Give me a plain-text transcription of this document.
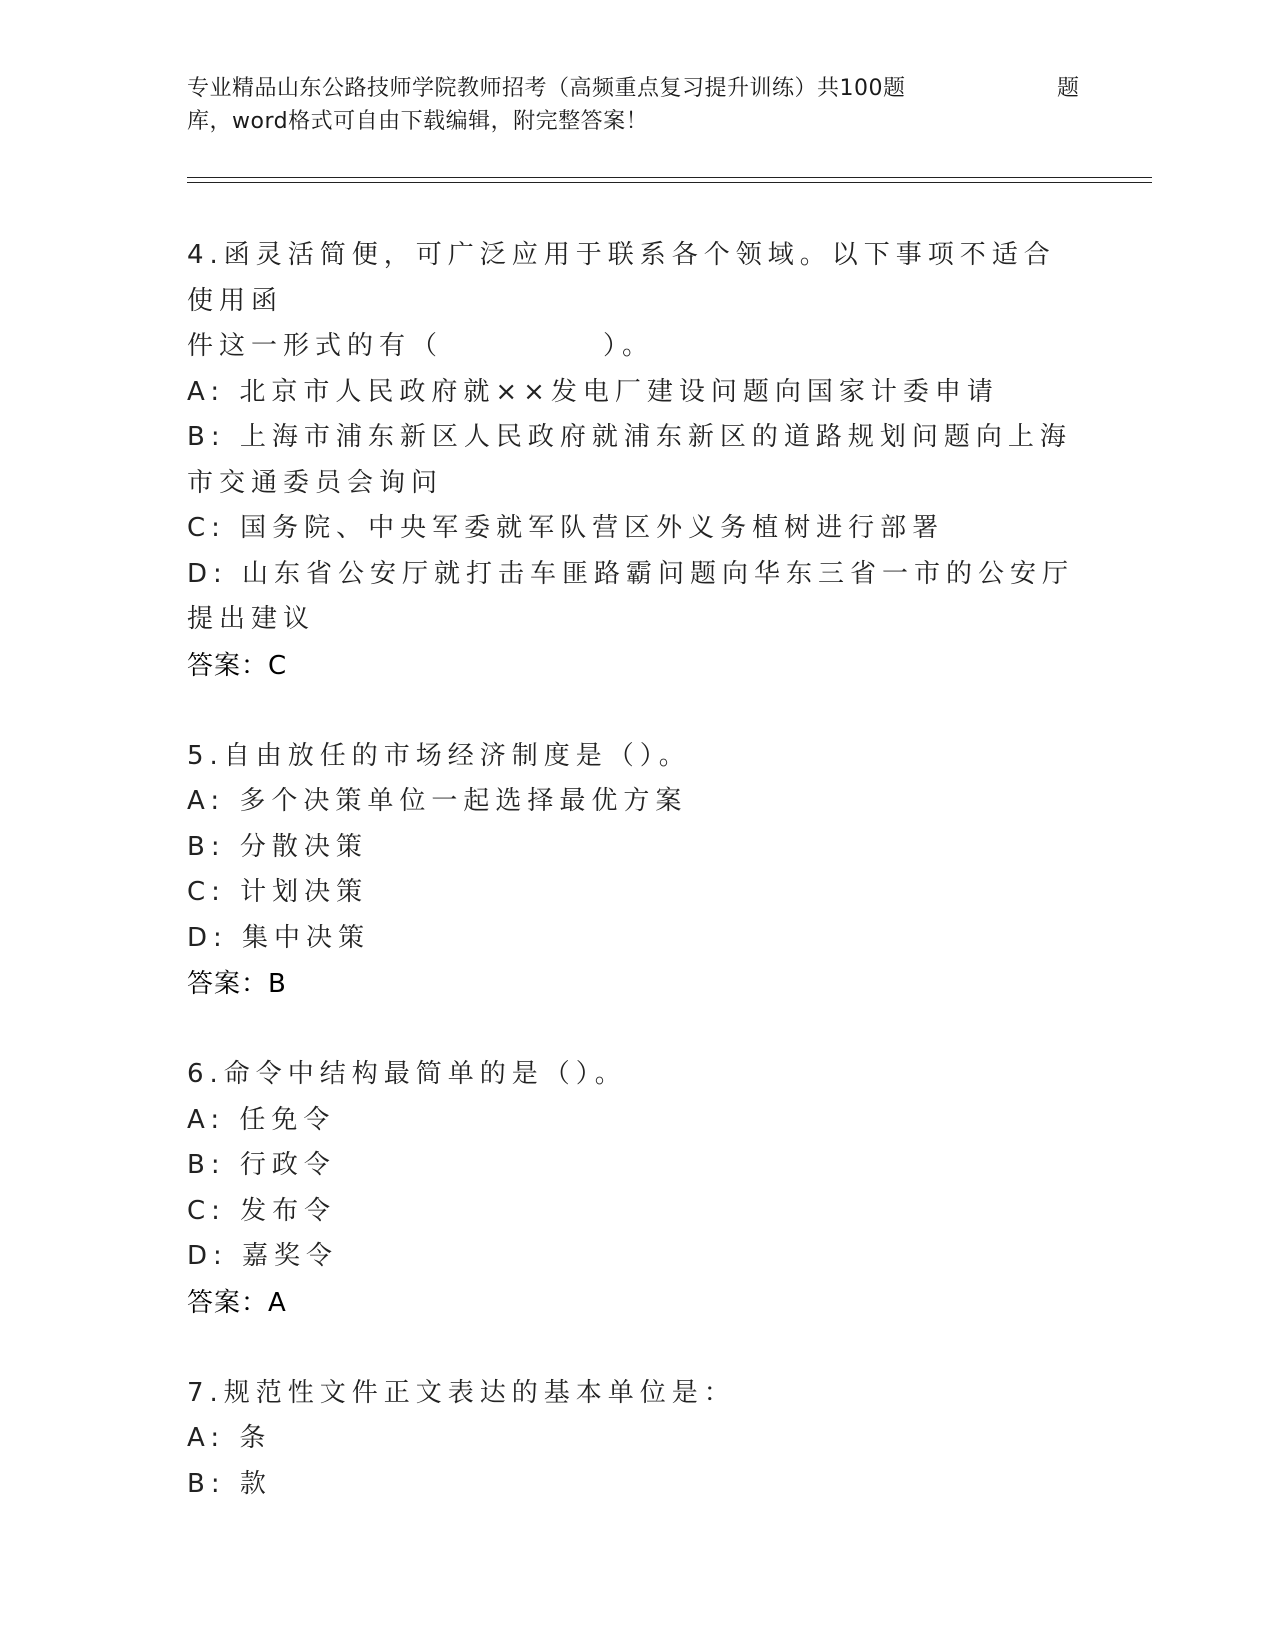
专业精品山东公路技师学院教师招考（高频重点复习提升训练）共100题	题
库，word格式可自由下载编辑，附完整答案！
4.函灵活简便，可广泛应用于联系各个领域。以下事项不适合使用函
件这一形式的有（　　　　　）。
A: 北京市人民政府就××发电厂建设问题向国家计委申请
B: 上海市浦东新区人民政府就浦东新区的道路规划问题向上海市交通委员会询问
C: 国务院、中央军委就军队营区外义务植树进行部署
D: 山东省公安厅就打击车匪路霸问题向华东三省一市的公安厅提出建议
答案：C
5.自由放任的市场经济制度是（）。
A: 多个决策单位一起选择最优方案
B: 分散决策
C: 计划决策
D: 集中决策
答案：B
6.命令中结构最简单的是（）。
A: 任免令
B: 行政令
C: 发布令
D: 嘉奖令
答案：A
7.规范性文件正文表达的基本单位是：
A: 条
B: 款
